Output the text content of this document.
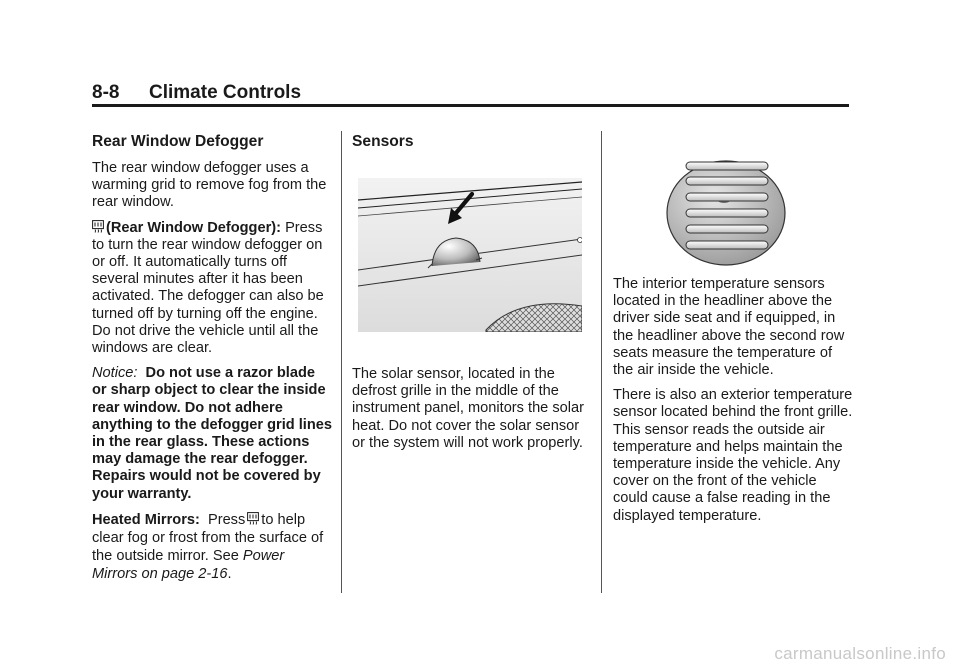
8-8 Climate Controls
Rear Window Defogger

The rear window defogger uses a warming grid to remove fog from the rear window.

(Rear Window Defogger): Press to turn the rear window defogger on or off. It automatically turns off several minutes after it has been activated. The defogger can also be turned off by turning off the engine. Do not drive the vehicle until all the windows are clear.

Notice: Do not use a razor blade or sharp object to clear the inside rear window. Do not adhere anything to the defogger grid lines in the rear glass. These actions may damage the rear defogger. Repairs would not be covered by your warranty.

Heated Mirrors: Press to help clear fog or frost from the surface of the outside mirror. See Power Mirrors on page 2-16.

Sensors

The solar sensor, located in the defrost grille in the middle of the instrument panel, monitors the solar heat. Do not cover the solar sensor or the system will not work properly.

The interior temperature sensors located in the headliner above the driver side seat and if equipped, in the headliner above the second row seats measure the temperature of the air inside the vehicle.

There is also an exterior temperature sensor located behind the front grille. This sensor reads the outside air temperature and helps maintain the temperature inside the vehicle. Any cover on the front of the vehicle could cause a false reading in the displayed temperature.

carmanualsonline.info
